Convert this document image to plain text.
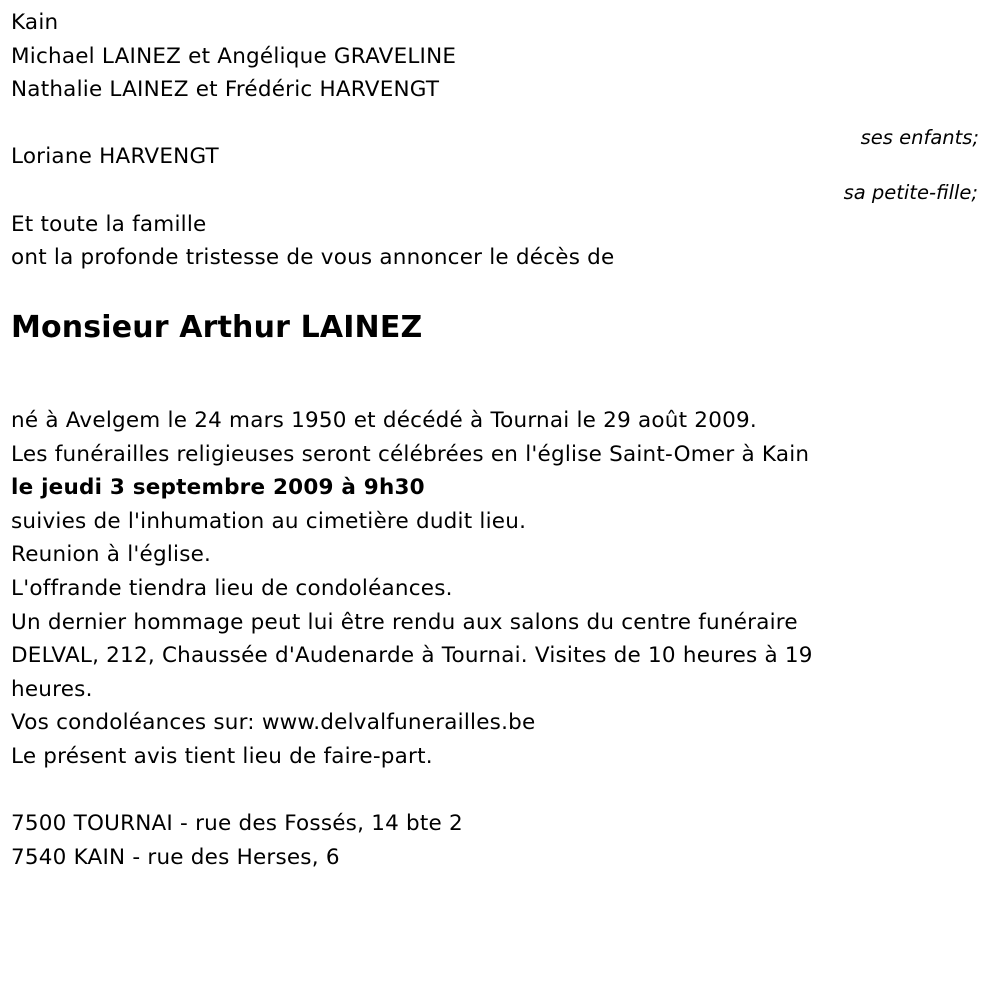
ses enfants;
sa petite-fille;
Kain
Michael LAINEZ et Angélique GRAVELINE
Nathalie LAINEZ et Frédéric HARVENGT
Loriane HARVENGT
Et toute la famille
ont la profonde tristesse de vous annoncer le décès de
Monsieur Arthur LAINEZ
né à Avelgem le 24 mars 1950 et décédé à Tournai le 29 août 2009.
Les funérailles religieuses seront célébrées en l'église Saint-Omer à Kain
le jeudi 3 septembre 2009 à 9h30
suivies de l'inhumation au cimetière dudit lieu.
Reunion à l'église.
L'offrande tiendra lieu de condoléances.
Un dernier hommage peut lui être rendu aux salons du centre funéraire
DELVAL, 212, Chaussée d'Audenarde à Tournai. Visites de 10 heures à 19
heures.
Vos condoléances sur: www.delvalfunerailles.be
Le présent avis tient lieu de faire-part.
7500 TOURNAI - rue des Fossés, 14 bte 2
7540 KAIN - rue des Herses, 6
